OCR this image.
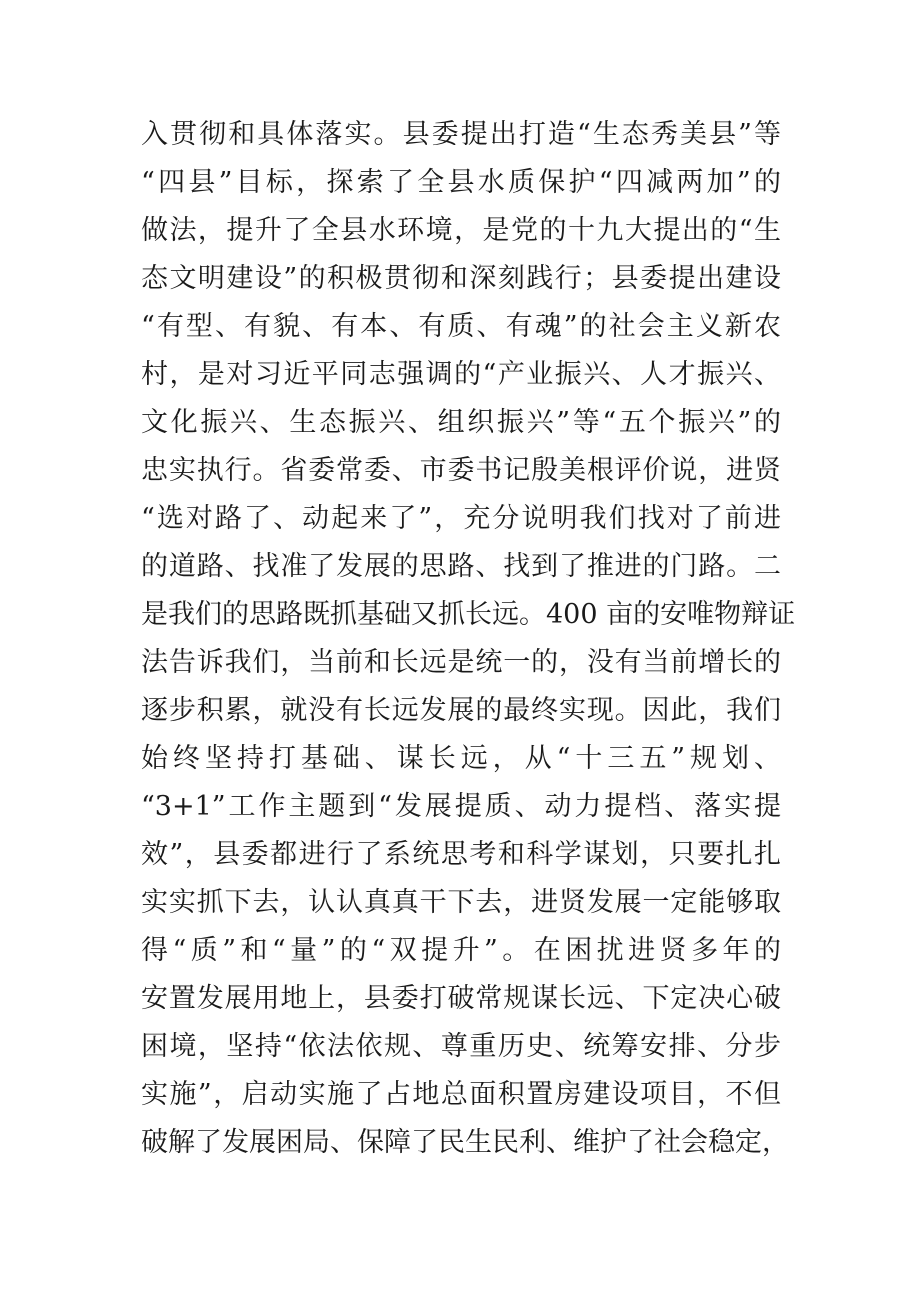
入贯彻和具体落实。县委提出打造“生态秀美县”等
“四县”目标，探索了全县水质保护“四减两加”的
做法，提升了全县水环境，是党的十九大提出的“生
态文明建设”的积极贯彻和深刻践行；县委提出建设
“有型、有貌、有本、有质、有魂”的社会主义新农
村，是对习近平同志强调的“产业振兴、人才振兴、
文化振兴、生态振兴、组织振兴”等“五个振兴”的
忠实执行。省委常委、市委书记殷美根评价说，进贤
“选对路了、动起来了”，充分说明我们找对了前进
的道路、找准了发展的思路、找到了推进的门路。二
是我们的思路既抓基础又抓长远。400 亩的安唯物辩证
法告诉我们，当前和长远是统一的，没有当前增长的
逐步积累，就没有长远发展的最终实现。因此，我们
始终坚持打基础、谋长远，从“十三五”规划、
“3+1”工作主题到“发展提质、动力提档、落实提
效”，县委都进行了系统思考和科学谋划，只要扎扎
实实抓下去，认认真真干下去，进贤发展一定能够取
得“质”和“量”的“双提升”。在困扰进贤多年的
安置发展用地上，县委打破常规谋长远、下定决心破
困境，坚持“依法依规、尊重历史、统筹安排、分步
实施”，启动实施了占地总面积置房建设项目，不但
破解了发展困局、保障了民生民利、维护了社会稳定，
